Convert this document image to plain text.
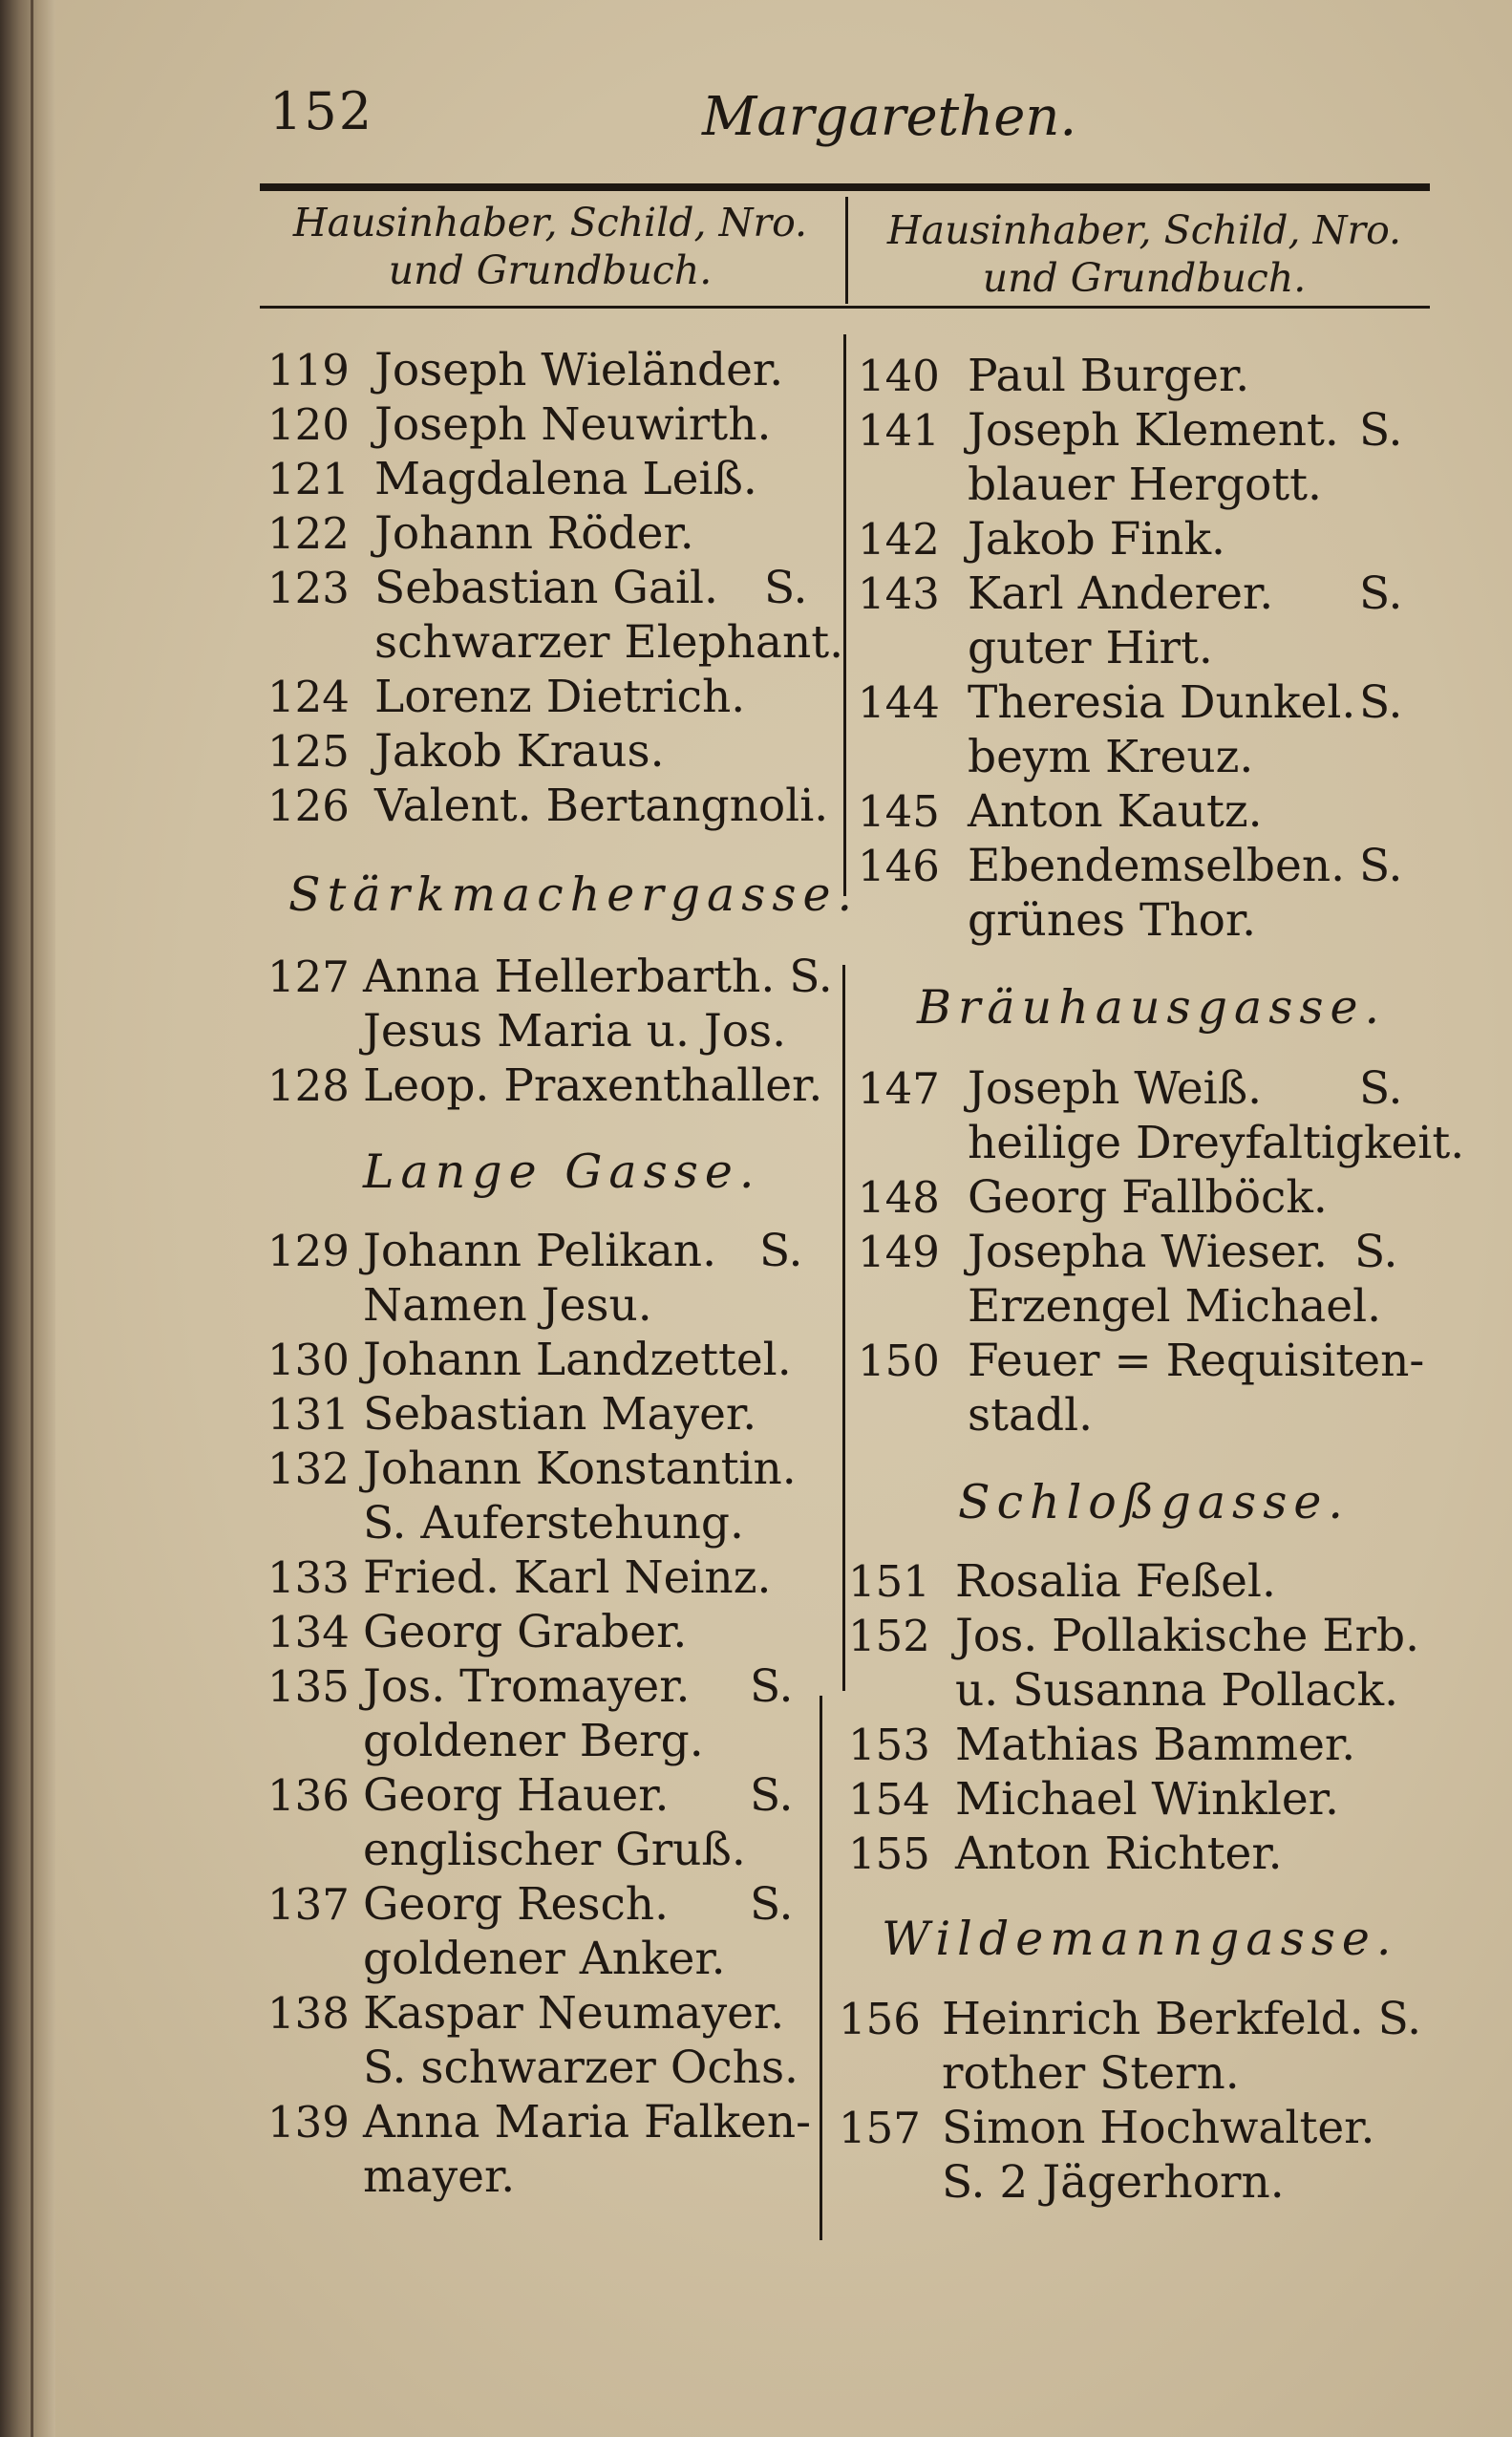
152	Margarethen.
Hausinhaber, Schild, Nro.
und Grundbuch.
Hausinhaber, Schild, Nro.
und Grundbuch.
119 Joseph Wieländer.
120 Joseph Neuwirth.
121 Magdalena Leiß.
122 Johann Röder.
123 Sebastian Gail. S.
schwarzer Elephant.
124 Lorenz Dietrich.
125 Jakob Kraus.
126 Valent. Bertangnoli.
Stärkmachergasse.
127 Anna Hellerbarth. S.
Jesus Maria u. Jos.
128 Leop. Praxenthaller.
Lange Gasse.
129 Johann Pelikan. S.
Namen Jesu.
130 Johann Landzettel.
131 Sebastian Mayer.
132 Johann Konstantin.
S. Auferstehung.
133 Fried. Karl Neinz.
134 Georg Graber.
135 Jos. Tromayer. S.
goldener Berg.
136 Georg Hauer. S.
englischer Gruß.
137 Georg Resch. S.
goldener Anker.
138 Kaspar Neumayer.
S. schwarzer Ochs.
139 Anna Maria Falken-
mayer.
140 Paul Burger.
141 Joseph Klement. S.
blauer Hergott.
142 Jakob Fink.
143 Karl Anderer. S.
guter Hirt.
144 Theresia Dunkel. S.
beym Kreuz.
145 Anton Kautz.
146 Ebendemselben. S.
grünes Thor.
Bräuhausgasse.
147 Joseph Weiß. S.
heilige Dreyfaltigkeit.
148 Georg Fallböck.
149 Josepha Wieser. S.
Erzengel Michael.
150 Feuer = Requisiten-
stadl.
Schloßgasse.
151 Rosalia Feßel.
152 Jos. Pollakische Erb.
u. Susanna Pollack.
153 Mathias Bammer.
154 Michael Winkler.
155 Anton Richter.
Wildemanngasse.
156 Heinrich Berkfeld. S.
rother Stern.
157 Simon Hochwalter.
S. 2 Jägerhorn.
